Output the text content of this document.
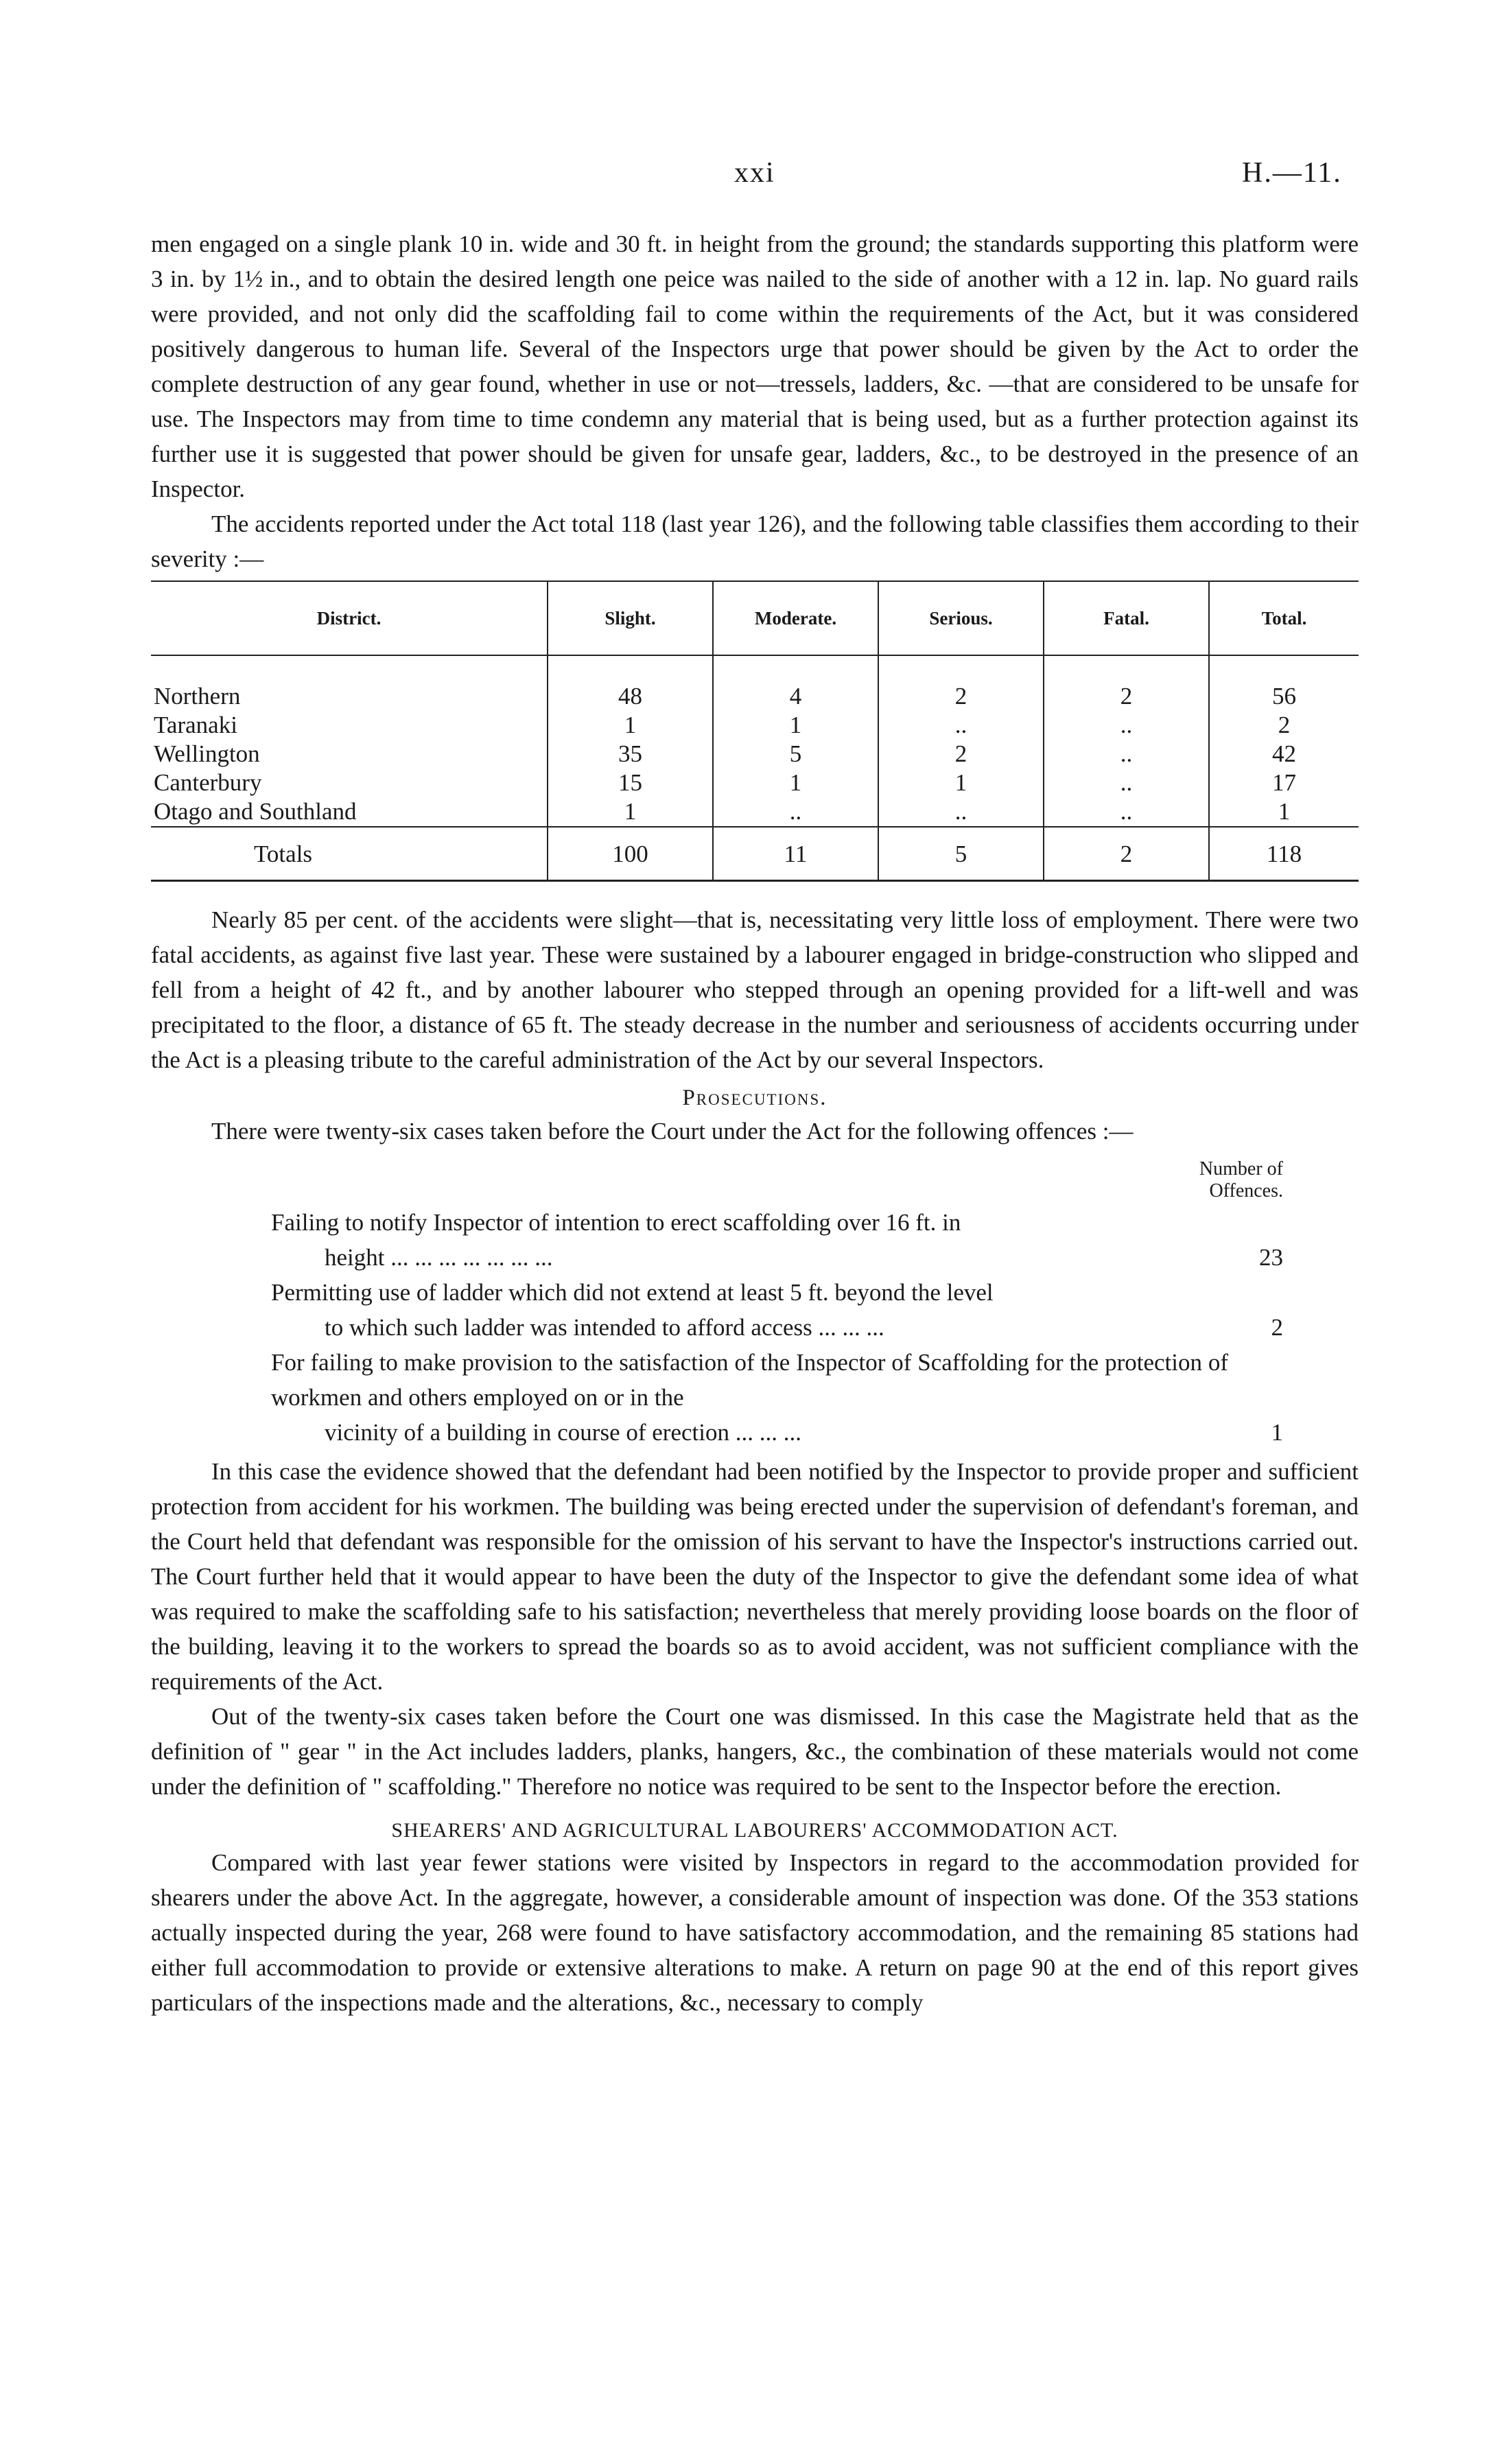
xxi	H.—11.

men engaged on a single plank 10 in. wide and 30 ft. in height from the ground; the standards supporting this platform were 3 in. by 1½ in., and to obtain the desired length one peice was nailed to the side of another with a 12 in. lap. No guard rails were provided, and not only did the scaffolding fail to come within the requirements of the Act, but it was considered positively dangerous to human life. Several of the Inspectors urge that power should be given by the Act to order the complete destruction of any gear found, whether in use or not—tressels, ladders, &c. —that are considered to be unsafe for use. The Inspectors may from time to time condemn any material that is being used, but as a further protection against its further use it is suggested that power should be given for unsafe gear, ladders, &c., to be destroyed in the presence of an Inspector.

The accidents reported under the Act total 118 (last year 126), and the following table classifies them according to their severity :—

District.	Slight.	Moderate.	Serious.	Fatal.	Total.

Northern	48	4	2	2	56
Taranaki	1	1	..	..	2
Wellington	35	5	2	..	42
Canterbury	15	1	1	..	17
Otago and Southland	1	..	..	..	1

Totals	100	11	5	2	118

Nearly 85 per cent. of the accidents were slight—that is, necessitating very little loss of employment. There were two fatal accidents, as against five last year. These were sustained by a labourer engaged in bridge-construction who slipped and fell from a height of 42 ft., and by another labourer who stepped through an opening provided for a lift-well and was precipitated to the floor, a distance of 65 ft. The steady decrease in the number and seriousness of accidents occurring under the Act is a pleasing tribute to the careful administration of the Act by our several Inspectors.

Prosecutions.

There were twenty-six cases taken before the Court under the Act for the following offences :—

Number of
Offences.
Failing to notify Inspector of intention to erect scaffolding over 16 ft. in
height ... ... ... ... ... ... ...	23
Permitting use of ladder which did not extend at least 5 ft. beyond the level
to which such ladder was intended to afford access ... ... ...	2
For failing to make provision to the satisfaction of the Inspector of Scaffolding for the protection of workmen and others employed on or in the
vicinity of a building in course of erection ... ... ...	1

In this case the evidence showed that the defendant had been notified by the Inspector to provide proper and sufficient protection from accident for his workmen. The building was being erected under the supervision of defendant's foreman, and the Court held that defendant was responsible for the omission of his servant to have the Inspector's instructions carried out. The Court further held that it would appear to have been the duty of the Inspector to give the defendant some idea of what was required to make the scaffolding safe to his satisfaction; nevertheless that merely providing loose boards on the floor of the building, leaving it to the workers to spread the boards so as to avoid accident, was not sufficient compliance with the requirements of the Act.

Out of the twenty-six cases taken before the Court one was dismissed. In this case the Magistrate held that as the definition of " gear " in the Act includes ladders, planks, hangers, &c., the combination of these materials would not come under the definition of " scaffolding." Therefore no notice was required to be sent to the Inspector before the erection.

SHEARERS' AND AGRICULTURAL LABOURERS' ACCOMMODATION ACT.

Compared with last year fewer stations were visited by Inspectors in regard to the accommodation provided for shearers under the above Act. In the aggregate, however, a considerable amount of inspection was done. Of the 353 stations actually inspected during the year, 268 were found to have satisfactory accommodation, and the remaining 85 stations had either full accommodation to provide or extensive alterations to make. A return on page 90 at the end of this report gives particulars of the inspections made and the alterations, &c., necessary to comply
